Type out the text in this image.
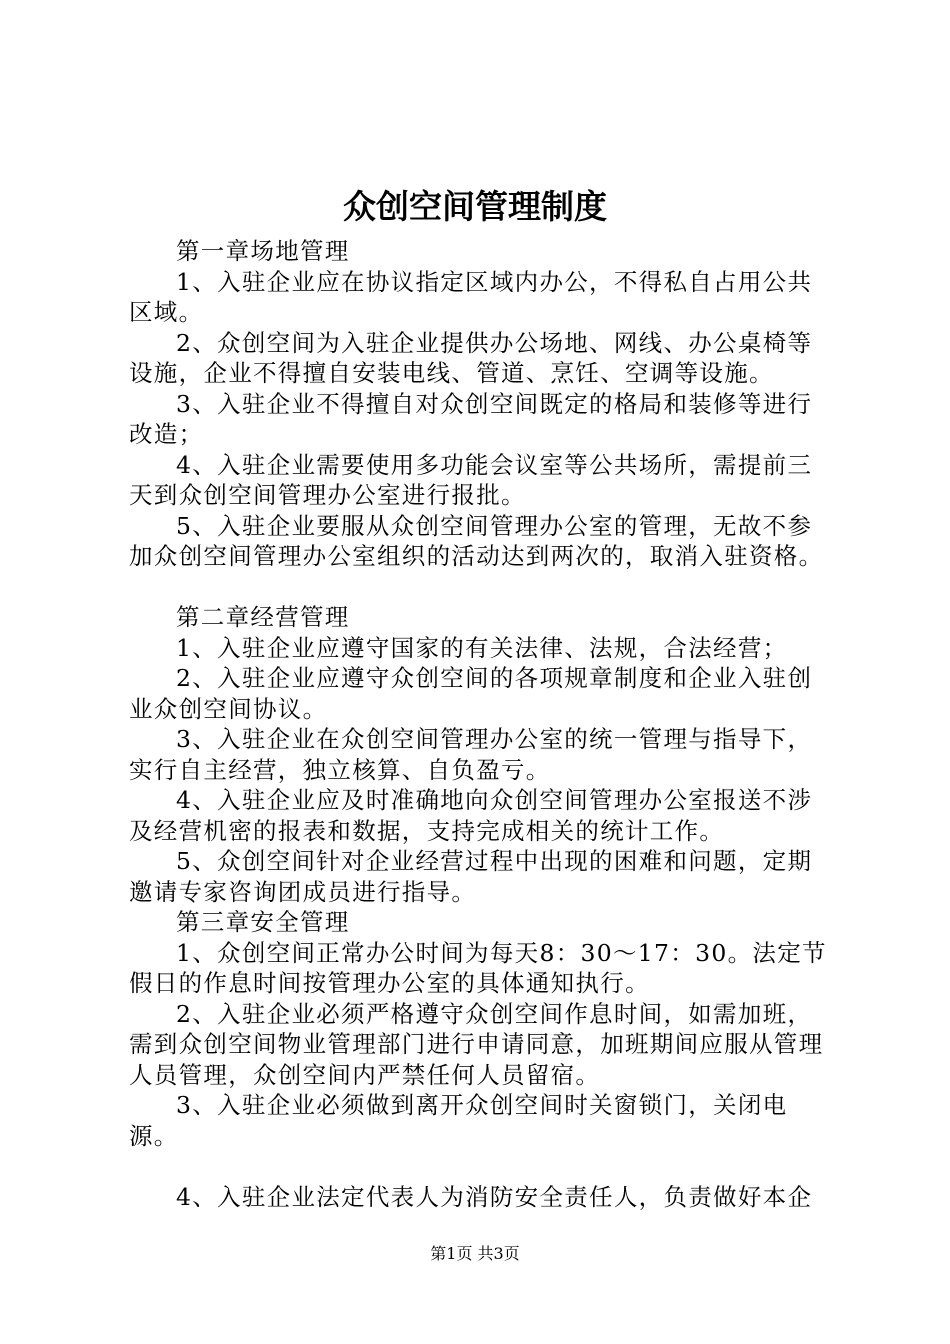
众创空间管理制度

第一章场地管理

1、入驻企业应在协议指定区域内办公，不得私自占用公共区域。

2、众创空间为入驻企业提供办公场地、网线、办公桌椅等设施，企业不得擅自安装电线、管道、烹饪、空调等设施。

3、入驻企业不得擅自对众创空间既定的格局和装修等进行改造；

4、入驻企业需要使用多功能会议室等公共场所，需提前三天到众创空间管理办公室进行报批。

5、入驻企业要服从众创空间管理办公室的管理，无故不参加众创空间管理办公室组织的活动达到两次的，取消入驻资格。

第二章经营管理

1、入驻企业应遵守国家的有关法律、法规，合法经营；

2、入驻企业应遵守众创空间的各项规章制度和企业入驻创业众创空间协议。

3、入驻企业在众创空间管理办公室的统一管理与指导下，实行自主经营，独立核算、自负盈亏。

4、入驻企业应及时准确地向众创空间管理办公室报送不涉及经营机密的报表和数据，支持完成相关的统计工作。

5、众创空间针对企业经营过程中出现的困难和问题，定期邀请专家咨询团成员进行指导。

第三章安全管理

1、众创空间正常办公时间为每天8：30～17：30。法定节假日的作息时间按管理办公室的具体通知执行。

2、入驻企业必须严格遵守众创空间作息时间，如需加班，需到众创空间物业管理部门进行申请同意，加班期间应服从管理人员管理，众创空间内严禁任何人员留宿。

3、入驻企业必须做到离开众创空间时关窗锁门，关闭电源。

4、入驻企业法定代表人为消防安全责任人，负责做好本企

第1页 共3页
